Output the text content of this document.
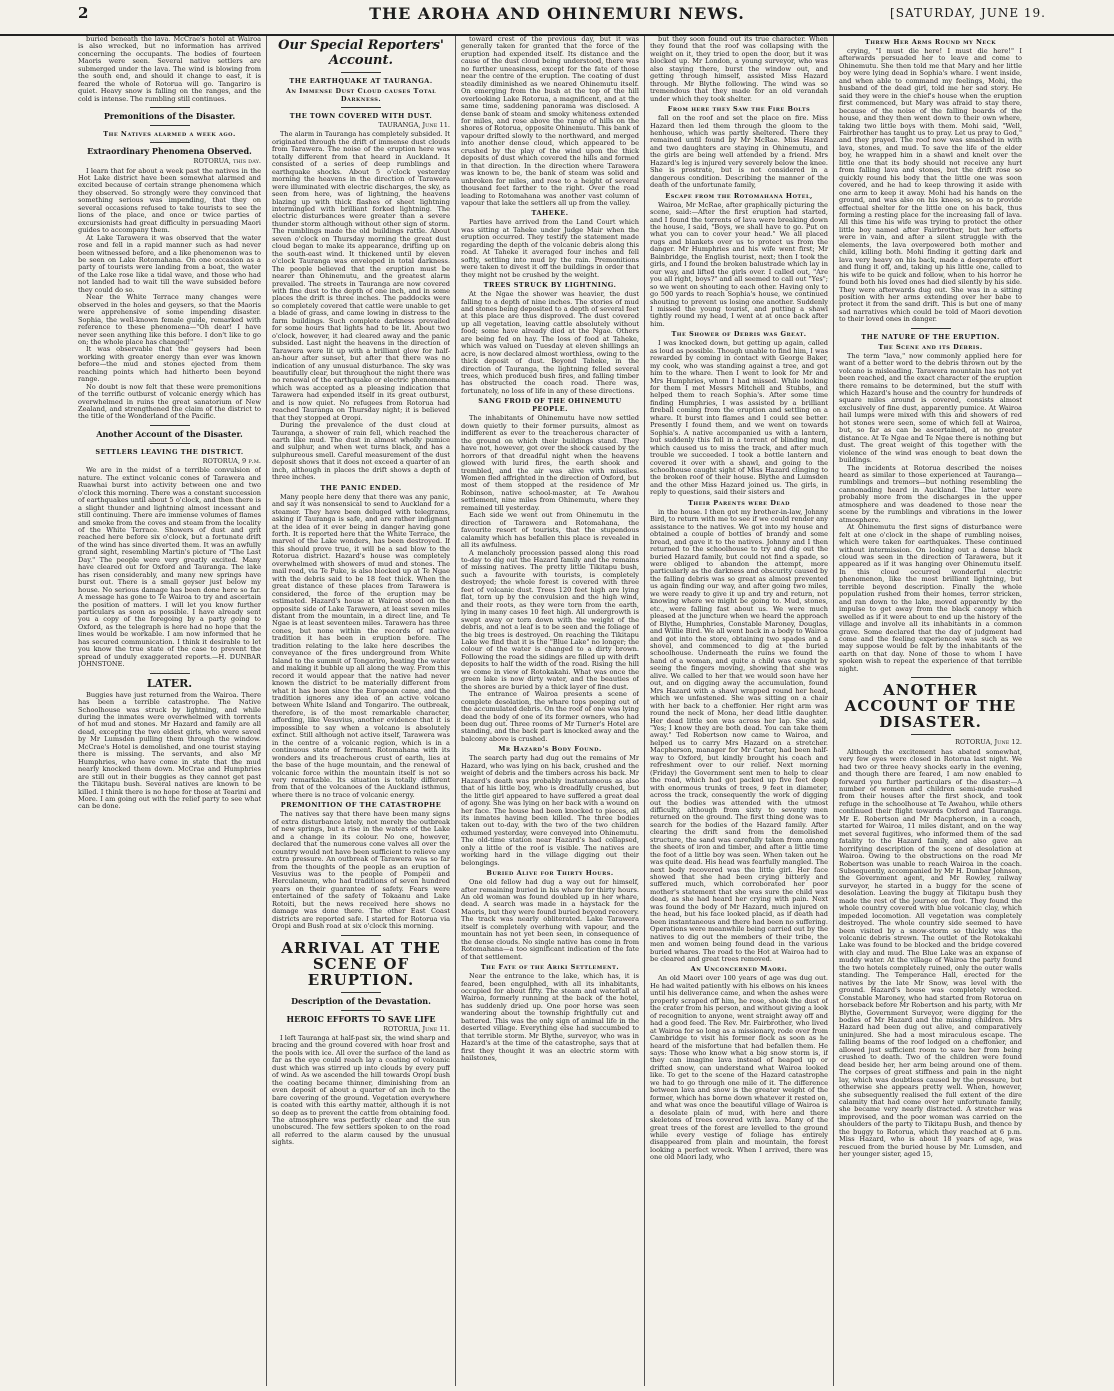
2	THE AROHA AND OHINEMURI NEWS.	[SATURDAY, JUNE 19.

buried beneath the lava. McCrae's hotel at Wairoa is also wrecked, but no information has arrived concerning the occupants. The bodies of fourteen Maoris were seen. Several native settlers are submerged under the lava. The wind is blowing from the south end, and should it change to east, it is feared the whole of Rotorua will go. Tangariro is quiet. Heavy snow is falling on the ranges, and the cold is intense. The rumbling still continues.

Premonitions of the Disaster.
The Natives alarmed a week ago.
Extraordinary Phenomena Observed.
ROTORUA, this day.

I learn that for about a week past the natives in the Hot Lake district have been somewhat alarmed and excited because of certain strange phenomena which they observed. So strongly were they convinced that something serious was impending, that they on several occasions refused to take tourists to see the lions of the place, and once or twice parties of excursionists had great difficulty in persuading Maori guides to accompany them.

At Lake Tarawera it was observed that the water rose and fell in a rapid manner such as had never been witnessed before, and a like phenomenon was to be seen on Lake Rotomahana. On one occasion as a party of tourists were landing from a boat, the water of the Lake rose like a tidal wave, and those who had not landed had to wait till the wave subsided before they could do so.

Near the White Terrace many changes were observed in the holes and geysers, so that the Maoris were apprehensive of some impending disaster. Sophia, the well-known female guide, remarked with reference to these phenomena—"Oh dear! I have never seen anything like this before. I don't like to go on; the whole place has changed!"

It was observable that the geysers had been working with greater energy than ever was known before—the mud and stones ejected from them reaching points which had hitherto been beyond range.

No doubt is now felt that these were premonitions of the terrific outburst of volcanic energy which has overwhelmed in ruins the great sanatorium of New Zealand, and strengthened the claim of the district to the title of the Wonderland of the Pacific.

Another Account of the Disaster.
SETTLERS LEAVING THE DISTRICT.
ROTORUA, 9 p.m.

We are in the midst of a terrible convulsion of nature. The extinct volcanic cones of Tarawera and Ruawhai burst into activity between one and two o'clock this morning. There was a constant succession of earthquakes until about 5 o'clock, and then there is a slight thunder and lightning almost incessant and still continuing. There are immense volumes of flames and smoke from the coves and steam from the locality of the White Terrace. Showers of dust and grit reached here before six o'clock, but a fortunate drift of the wind has since diverted them. It was an awfully grand sight, resembling Martin's picture of "The Last Day." The people were very greatly excited. Many have cleared out for Oxford and Tauranga. The lake has risen considerably, and many new springs have burst out. There is a small geyser just below my house. No serious damage has been done here so far. A message has gone to Te Wairoa to try and ascertain the position of matters. I will let you know further particulars as soon as possible. I have already sent you a copy of the foregoing by a party going to Oxford, as the telegraph is here had no hope that the lines would be workable. I am now informed that he has secured communication. I think it desirable to let you know the true state of the case to prevent the spread of unduly exaggerated reports.—H. DUNBAR JOHNSTONE.

LATER.

Buggies have just returned from the Wairoa. There has been a terrible catastrophe. The Native Schoolhouse was struck by lightning, and while during the inmates were overwhelmed with torrents of hot mud and stones. Mr Hazard and family are all dead, excepting the two eldest girls, who were saved by Mr Lumsden pulling them through the window. McCrae's Hotel is demolished, and one tourist staying there is missing. The servants, and also Mr Humphries, who have come in state that the mud nearly knocked them down. McCrae and Humphries are still out in their buggies as they cannot get past the Tikitapu bush. Several natives are known to be killed. I think there is no hope for those at Tearini and More. I am going out with the relief party to see what can be done.

Our Special Reporters' Account.
THE EARTHQUAKE AT TAURANGA.
An Immense Dust Cloud causes Total Darkness.
THE TOWN COVERED WITH DUST.
TAURANGA, June 11.

The alarm in Tauranga has completely subsided. It originated through the drift of immense dust clouds from Tarawera. The noise of the eruption here was totally different from that heard in Auckland. It consisted of a series of deep rumblings and earthquake shocks. About 5 o'clock yesterday morning the heavens in the direction of Tarawera were illuminated with electric discharges, the sky, as seen from here, was of lightning, the heavens blazing up with thick flashes of sheet lightning intermingled with brilliant forked lightning. The electric disturbances were greater than a severe thunder storm although without other sign of storm. The rumblings made the old buildings rattle. About seven o'clock on Thursday morning the great dust cloud began to make its appearance, drifting up on the south-east wind. It thickened until by eleven o'clock Tauranga was enveloped in total darkness. The people believed that the eruption must be nearer than Ohinemutu, and the greatest alarm prevailed. The streets in Tauranga are now covered with fine dust to the depth of one inch, and in some places the drift is three inches. The paddocks were so completely covered that cattle were unable to get a blade of grass, and came lowing in distress to the farm buildings. Such complete darkness prevailed for some hours that lights had to be lit. About two o'clock, however, it had cleared away and the panic subsided. Last night the heavens in the direction of Tarawera were lit up with a brilliant glow for half-an-hour after sunset, but after that there was no indication of any unusual disturbance. The sky was beautifully clear, but throughout the night there was no renewal of the earthquake or electric phenomena which was accepted as a pleasing indication that Tarawera had expended itself in its great outburst, and is now quiet. No refugees from Rotorua had reached Tauranga on Thursday night; it is believed that they stopped at Oropi.

During the prevalence of the dust cloud at Tauranga, a shower of rain fell, which reached the earth like mud. The dust in almost wholly pumice and sulphur, and when wet turns black, and has a sulphureous smell. Careful measurement of the dust deposit shows that it does not exceed a quarter of an inch, although in places the drift shows a depth of three inches.

THE PANIC ENDED.

Many people here deny that there was any panic, and say it was nonsensical to send to Auckland for a steamer. They have been deluged with telegrams, asking if Tauranga is safe, and are rather indignant at the idea of it ever being in danger having gone forth. It is reported here that the White Terrace, the marvel of the Lake wonders, has been destroyed. If this should prove true, it will be a sad blow to the Rotorua district. Hazard's house was completely overwhelmed with showers of mud and stones. The mail road, via Te Puke, is also blocked up at Te Ngae with the debris said to be 18 feet thick. When the great distance of these places from Tarawera is considered, the force of the eruption may be estimated. Hazard's house at Wairoa stood on the opposite side of Lake Tarawera, at least seven miles distant from the mountain, in a direct line, and Te Ngae is at least seventeen miles. Tarawera has three cones, but none within the records of native tradition it has been in eruption before. The tradition relating to the lake here describes the conveyance of the fires underground from White Island to the summit of Tongariro, heating the water and making it bubble up all along the way. From this record it would appear that the native had never known the district to be materially different from what it has been since the European came, and the tradition ignores any idea of an active volcano between White Island and Tongariro. The outbreak, therefore, is of the most remarkable character, affording, like Vesuvius, another evidence that it is impossible to say when a volcano is absolutely extinct. Still although not active itself, Tarawera was in the centre of a volcanic region, which is in a continuous state of ferment. Rotomahana with its wonders and its treacherous crust of earth, lies at the base of the huge mountain, and the renewal of volcanic force within the mountain itself is not so very remarkable. Its situation is totally different from that of the volcanoes of the Auckland isthmus, where there is no trace of volcanic energy.

PREMONITION OF THE CATASTROPHE

The natives say that there have been many signs of extra disturbance lately, not merely the outbreak of new springs, but a rise in the waters of the Lake and a change in its colour. No one, however, declared that the numerous cone valves all over the country would not have been sufficient to relieve any extra pressure. An outbreak of Tarawera was so far from the thoughts of the people as an eruption of Vesuvius was to the people of Pompeii and Herculaneum, who had traditions of seven hundred years on their guarantee of safety. Fears were entertained of the safety of Tokaanu and Lake Rotoiti, but the news received here shows no damage was done there. The other East Coast districts are reported safe. I started for Rotorua via Oropi and Bush road at six o'clock this morning.

ARRIVAL AT THE SCENE OF ERUPTION.
Description of the Devastation.
HEROIC EFFORTS TO SAVE LIFE
ROTORUA, June 11.

I left Tauranga at half-past six, the wind sharp and bracing and the ground covered with hoar frost and the pools with ice. All over the surface of the land as far as the eye could reach lay a coating of volcanic dust which was stirred up into clouds by every puff of wind. As we ascended the hill towards Oropi bush the coating became thinner, diminishing from an even deposit of about a quarter of an inch to the bare covering of the ground. Vegetation everywhere is coated with this earthy matter, although it is not so deep as to prevent the cattle from obtaining food. The atmosphere was perfectly clear and the sun unobscured. The few settlers spoken to on the road all referred to the alarm caused by the unusual sights.

toward crest of the previous day, but it was generally taken for granted that the force of the eruption had expended itself. Its distance and the cause of the dust cloud being understood, there was no further uneasiness, except for the fate of those near the centre of the eruption. The coating of dust steadily diminished as we neared Ohinemutu itself. On emerging from the bush at the top of the hill overlooking Lake Rotorua, a magnificent, and at the same time, saddening panorama was disclosed. A dense bank of steam and smoky whiteness extended for miles, and rose above the range of hills on the shores of Rotorua, opposite Ohinemutu. This bank of vapour drifted slowly to the northward, and merged into another dense cloud, which appeared to be crushed by the play of the wind upon the thick deposits of dust which covered the hills and formed in that direction. In the direction where Tarawera was known to be, the bank of steam was solid and unbroken for miles, and rose to a height of several thousand feet farther to the right. Over the road leading to Rotomahana was another vast column of vapour that lake the settlers all up from the valley.

TAHEKE.

Parties have arrived from the Land Court which was sitting at Taheke under Judge Mair when the eruption occurred. They testify the statement made regarding the depth of the volcanic debris along this road. At Taheke it averaged four inches and fell softly, settling into mud by the rain. Premonitions were taken to divest it off the buildings in order that they might not be crushed by the weight.

TREES STRUCK BY LIGHTNING.

At the Ngae the shower was heavier, the dust falling to a depth of nine inches. The stories of mud and stones being deposited to a depth of several feet at this place are thus disproved. The dust covered up all vegetation, leaving cattle absolutely without food; some have already died at the Ngae. Others are being fed on hay. The loss of food at Taheke, which was valued on Tuesday at eleven shillings an acre, is now declared almost worthless, owing to the thick deposit of dust. Beyond Taheke, in the direction of Tauranga, the lightning felled several trees, which produced bush fires, and falling timber has obstructed the coach road. There was, fortunately, no loss of life in any of these directions.

SANG FROID OF THE OHINEMUTU PEOPLE.

The inhabitants of Ohinemutu have now settled down quietly to their former pursuits, almost as indifferent as ever to the treacherous character of the ground on which their buildings stand. They have not, however, got over the shock caused by the horrors of that dreadful night when the heavens glowed with lurid fires, the earth shook and trembled, and the air was alive with missiles. Women fled affrighted in the direction of Oxford, but most of them stopped at the residence of Mr Robinson, native school-master, at Te Awahou settlement, nine miles from Ohinemutu, where they remained till yesterday.

Each side we went out from Ohinemutu in the direction of Tarawera and Rotomahana, the favourite resort of tourists, that the stupendous calamity which has befallen this place is revealed in all its awfulness.

A melancholy procession passed along this road to-day to dig out the Hazard family and the remains of missing natives. The pretty little Tikitapu bush, such a favourite with tourists, is completely destroyed; the whole forest is covered with three feet of volcanic dust. Trees 120 feet high are lying flat, torn up by the convulsion and the high wind, and their roots, as they were torn from the earth, lying in many cases 10 feet high. All undergrowth is swept away or torn down with the weight of the debris, and not a leaf is to be seen and the foliage of the big trees is destroyed. On reaching the Tikitapu Lake we find that it is the "Blue Lake" no longer; the colour of the water is changed to a dirty brown. Following the road the sidings are filled up with drift deposits to half the width of the road. Rising the hill we come in view of Rotokakahi. What was once the green lake is now dirty water, and the beauties of the shores are buried by a thick layer of fine dust.

The entrance of Wairoa presents a scene of complete desolation, the whare tops peeping out of the accumulated debris. On the roof of one was lying dead the body of one of its former owners, who had been dug out. Three rooms of Mr Turner's Hotel are standing, and the back part is knocked away and the balcony above is crushed.

Mr Hazard's Body Found.

The search party had dug out the remains of Mr Hazard, who was lying on his back, crushed and the weight of debris and the timbers across his back. Mr Hazard's death was probably instantaneous as also that of his little boy, who is dreadfully crushed, but the little girl appeared to have suffered a great deal of agony. She was lying on her back with a wound on her face. The house had been knocked to pieces, all its inmates having been killed. The three bodies taken out to-day, with the two of the two children exhumed yesterday, were conveyed into Ohinemutu. The old-time station near Hazard's had collapsed, only a little of the roof is visible. The natives are working hard in the village digging out their belongings.

Buried Alive for Thirty Hours.

One old fellow had dug a way out for himself, after remaining buried in his whare for thirty hours. An old woman was found doubled up in her whare, dead. A search was made in a haystack for the Maoris, but they were found buried beyond recovery. The track was nearly obliterated. Lake Tarawera itself is completely overhung with vapour, and the mountain has not yet been seen, in consequence of the dense clouds. No single native has come in from Rotomahana—a too significant indication of the fate of that settlement.

The Fate of the Ariki Settlement.

Near the entrance to the lake, which has, it is feared, been engulphed, with all its inhabitants, occupied for about fifty. The steam and waterfall at Wairoa, formerly running at the back of the hotel, has suddenly dried up. One poor horse was seen wandering about the township frightfully cut and battered. This was the only sign of animal life in the deserted village. Everything else had succumbed to that terrible storm. Mr Blythe, surveyor, who was in Hazard's at the time of the catastrophe, says that at first they thought it was an electric storm with hailstones,

but they soon found out its true character. When they found that the roof was collapsing with the weight on it, they tried to open the door, but it was blocked up. Mr London, a young surveyor, who was also staying there, burst the window out, and getting through himself, assisted Miss Hazard through. Mr Blythe following. The wind was so tremendous that they made for an old verandah under which they took shelter.

From here they Saw the Fire Bolts

fall on the roof and set the place on fire. Miss Hazard then led them through the gloom to the henhouse, which was partly sheltered. There they remained until found by Mr McRae. Miss Hazard and two daughters are staying in Ohinemutu, and the girls are being well attended by a friend. Mrs Hazard's leg is injured very severely below the knee. She is prostrate, but is not considered in a dangerous condition. Describing the manner of the death of the unfortunate family,

Escape from the Rotomahana Hotel,

Wairoa, Mr McRae, after graphically picturing the scene, said:—After the first eruption had started, and I found the torrents of lava were breaking down the house, I said, "Boys, we shall have to go. Put on what you can to cover your head." We all placed rugs and blankets over us to protect us from the danger. Mr Humphries and his wife went first; Mr Bainbridge, the English tourist, next; then I took the girls, and I found the broken balustrade which lay in our way, and lifted the girls over. I called out, "Are you all right, boys?" and all seemed to call out "Yes"; so we went on shouting to each other. Having only to go 500 yards to reach Sophia's house, we continued shouting to prevent us losing one another. Suddenly I missed the young tourist, and putting a shawl tightly round my head, I went at at once back after him.

The Shower of Debris was Great.

I was knocked down, but getting up again, called as loud as possible. Though unable to find him, I was rewarded by coming in contact with George Baker, my cook, who was standing against a tree, and got him to the whare. Then I went to look for Mr and Mrs Humphries, whom I had missed. While looking for them I met Messrs Mitchell and Stubbs, and helped them to reach Sophia's. After some time finding Humphries, I was assisted by a brilliant fireball coming from the eruption and settling on a whare. It burst into flames and I could see better. Presently I found them, and we went on towards Sophia's. A native accompanied us with a lantern, but suddenly this fell in a torrent of blinding mud, which caused us to miss the track, and after much trouble we succeeded. I took a bottle lantern and covered it over with a shawl, and going to the schoolhouse caught sight of Miss Hazard clinging to the broken roof of their house. Blythe and Lumsden and the other Miss Hazard joined us. The girls, in reply to questions, said their sisters and

Their Parents were Dead

in the house. I then got my brother-in-law, Johnny Bird, to return with me to see if we could render any assistance to the natives. We got into my house and obtained a couple of bottles of brandy and some bread, and gave it to the natives. Johnny and I then returned to the schoolhouse to try and dig out the buried Hazard family, but could not find a spade, so were obliged to abandon the attempt, more particularly as the darkness and obscurity caused by the falling debris was so great as almost prevented us again finding our way, and after going two miles, we were ready to give it up and try and return, not knowing where we might be going to. Mud, stones, etc., were falling fast about us. We were much pleased at the juncture when we heard the approach of Blythe, Humphries, Constable Maroney, Douglas, and Willie Bird. We all went back in a body to Wairoa and got into the store, obtaining two spades and a shovel, and commenced to dig at the buried schoolhouse. Underneath the ruins we found the hand of a woman, and quite a child was caught by seeing the fingers moving, showing that she was alive. We called to her that we would soon have her out, and on digging away the accumulation, found Mrs Hazard with a shawl wrapped round her head, which we unfastened. She was sitting on a chair with her back to a cheffonier. Her right arm was round the neck of Mona, her dead little daughter. Her dead little son was across her lap. She said, "Yes; I know they are both dead. You can take them away." Ted Robertson now came to Wairoa, and helped us to carry Mrs Hazard on a stretcher. Macpherson, manager for Mr Carter, had been half-way to Oxford, but kindly brought his coach and refreshment over to our relief. Next morning (Friday) the Government sent men to help to clear the road, which had got packed up five feet deep with enormous trunks of trees, 9 feet in diameter, across the track, consequently the work of digging out the bodies was attended with the utmost difficulty, although from sixty to seventy men returned on the ground. The first thing done was to search for the bodies of the Hazard family. After clearing the drift sand from the demolished structure, the sand was carefully taken from among the sheets of iron and timber, and after a little time the foot of a little boy was seen. When taken out he was quite dead. His head was fearfully mangled. The next body recovered was the little girl. Her face showed that she had been crying bitterly and suffered much, which corroborated her poor mother's statement that she was sure the child was dead, as she had heard her crying with pain. Next was found the body of Mr Hazard, much injured on the head, but his face looked placid, as if death had been instantaneous and there had been no suffering. Operations were meanwhile being carried out by the natives to dig out the members of their tribe, the men and women being found dead in the various buried whares. The road to the Hot at Wairoa had to be cleared and great trees removed.

An Unconcerned Maori.

An old Maori over 100 years of age was dug out. He had waited patiently with his elbows on his knees until his deliverance came, and when the ashes were properly scraped off him, he rose, shook the dust of the crater from his person, and without giving a look of recognition to anyone, went straight away off and had a good feed. The Rev. Mr. Fairbrother, who lived at Wairoa for so long as a missionary, rode over from Cambridge to visit his former flock as soon as he heard of the misfortune that had befallen them. He says: Those who know what a big snow storm is, if they can imagine lava instead of heaped up or drifted snow, can understand what Wairoa looked like. To get to the scene of the Hazard catastrophe we had to go through one mile of it. The difference between lava and snow is the greater weight of the former, which has borne down whatever it rested on, and what was once the beautiful village of Wairoa is a desolate plain of mud, with here and there skeletons of trees covered with lava. Many of the great trees of the forest are levelled to the ground while every vestige of foliage has entirely disappeared from plain and mountain, the forest looking a perfect wreck. When I arrived, there was one old Maori lady, who

Threw Her Arms Round my Neck

crying, "I must die here! I must die here!" I afterwards persuaded her to leave and come to Ohinemutu. She then told me that Mary and her little boy were lying dead in Sophia's whare. I went inside, and when able to command my feelings, Mohi, the husband of the dead girl, told me her sad story. He said they were in the chief's house when the eruption first commenced, but Mary was afraid to stay there, because of the noise of the falling boards of the house, and they then went down to their own where, taking two little boys with them. Mohi said, "Well, Fairbrother has taught us to pray. Let us pray to God," and they prayed. The roof now was smashed in with lava, stones, and mud. To save the life of the elder boy, he wrapped him in a shawl and knelt over the little one that its body should not receive any hurt from falling lava and stones, but the drift rose so quickly round his body that the little one was soon covered, and he had to keep throwing it aside with one arm to keep it away. Mohi had his hands on the ground, and was also on his knees, so as to provide effectual shelter for the little one on his back, thus forming a resting place for the increasing fall of lava. All this time his wife was trying to protect the other little boy named after Fairbrother, but her efforts were in vain, and after a silent struggle with the elements, the lava overpowered both mother and child, killing both. Mohi finding it getting dark and lava very heavy on his back, made a desperate effort and flung it off, and, taking up his little one, called to his wife to be quick and follow, when to his horror he found both his loved ones had died silently by his side. They were afterwards dug out. She was in a sitting position with her arms extending over her babe to protect it from the sand drift. This is but one of many sad narratives which could be told of Maori devotion to their loved ones in danger.

THE NATURE OF THE ERUPTION.
The Scene and its Débris.

The term "lava," now commonly applied here for want of a better word to the debris thrown out by the volcano is misleading. Tarawera mountain has not yet been reached, and the exact character of the eruption there remains to be determined, but the stuff with which Hazard's house and the country for hundreds of square miles around is covered, consists almost exclusively of fine dust, apparently pumice. At Wairoa hail lumps were mixed with this and showers of red hot stones were seen, some of which fell at Wairoa, but, so far as can be ascertained, at no greater distance. At Te Ngae and Te Ngae there is nothing but dust. The great weight of this together with the violence of the wind was enough to beat down the buildings.

The incidents at Rotorua described the noises heard as similar to those experienced at Tauranga—rumblings and tremors—but nothing resembling the cannonading heard in Auckland. The latter were probably more from the discharges in the upper atmosphere and was deadened to those near the scene by the rumblings and vibrations in the lower atmosphere.

At Ohinemutu the first signs of disturbance were felt at one o'clock in the shape of rumbling noises, which were taken for earthquakes. These continued without intermission. On looking out a dense black cloud was seen in the direction of Tarawera, but it appeared as if it was hanging over Ohinemutu itself. In this cloud occurred wonderful electric phenomenon, like the most brilliant lightning, but terrible beyond description. Finally the whole population rushed from their homes, terror stricken, and ran down to the lake, moved apparently by the impulse to get away from the black canopy which swelled as if it were about to end up the history of the village and involve all its inhabitants in a common grave. Some declared that the day of judgment had come and the feeling experienced was such as we may suppose would be felt by the inhabitants of the earth on that day. None of those to whom I have spoken wish to repeat the experience of that terrible night.

ANOTHER ACCOUNT OF THE DISASTER.
ROTORUA, June 12.

Although the excitement has abated somewhat, very few eyes were closed in Rotorua last night. We had two or three heavy shocks early in the evening, and though there are feared, I am now enabled to forward you further particulars of the disaster:—A number of women and children semi-nude rushed from their houses after the first shock, and took refuge in the schoolhouse at Te Awahou, while others continued their flight towards Oxford and Tauranga. Mr E. Robertson and Mr Macpherson, in a coach, started for Wairoa, 11 miles distant, and on the way met several fugitives, who informed them of the sad fatality to the Hazard family, and also gave an horrifying description of the scene of desolation at Wairoa. Owing to the obstructions on the road Mr Robertson was unable to reach Wairoa in the coach. Subsequently, accompanied by Mr H. Dunbar Johnson, the Government agent, and Mr Rowley, railway surveyor, he started in a buggy for the scene of desolation. Leaving the buggy at Tikitapu bush they made the rest of the journey on foot. They found the whole country covered with blue volcanic clay, which impeded locomotion. All vegetation was completely destroyed. The whole country side seemed to have been visited by a snow-storm so thickly was the volcanic debris strewn. The outlet of the Rotokakahi Lake was found to be blocked and the bridge covered with clay and mud. The Blue Lake was an expanse of muddy water. At the village of Wairoa the party found the two hotels completely ruined, only the outer walls standing. The Temperance Hall, erected for the natives by the late Mr Snow, was level with the ground. Hazard's house was completely wrecked. Constable Maroney, who had started from Rotorua on horseback before Mr Robertson and his party, with Mr Blythe, Government Surveyor, were digging for the bodies of Mr Hazard and the missing children. Mrs Hazard had been dug out alive, and comparatively uninjured. She had a most miraculous escape. The falling beams of the roof lodged on a cheffonier, and allowed just sufficient room to save her from being crushed to death. Two of the children were found dead beside her, her arm being around one of them. The corpses of great stiffness and pain in the night lay, which was doubtless caused by the pressure, but otherwise she appears pretty well. When, however, she subsequently realised the full extent of the dire calamity that had come over her unfortunate family, she became very nearly distracted. A stretcher was improvised, and the poor woman was carried on the shoulders of the party to Tikitapu Bush, and thence by the buggy to Rotorua, which they reached at 6 p.m. Miss Hazard, who is about 18 years of age, was rescued from the buried house by Mr. Lumsden, and her younger sister, aged 15,
